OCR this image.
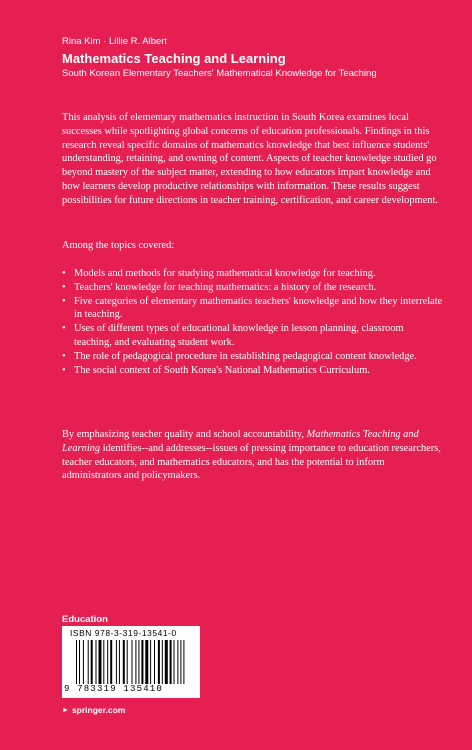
Rina Kim · Lillie R. Albert
Mathematics Teaching and Learning
South Korean Elementary Teachers' Mathematical Knowledge for Teaching
This analysis of elementary mathematics instruction in South Korea examines local successes while spotlighting global concerns of education professionals. Findings in this research reveal specific domains of mathematics knowledge that best influence students' understanding, retaining, and owning of content. Aspects of teacher knowledge studied go beyond mastery of the subject matter, extending to how educators impart knowledge and how learners develop productive relationships with information. These results suggest possibilities for future directions in teacher training, certification, and career development.
Among the topics covered:
• Models and methods for studying mathematical knowledge for teaching.
• Teachers' knowledge for teaching mathematics: a history of the research.
• Five categories of elementary mathematics teachers' knowledge and how they interrelate in teaching.
• Uses of different types of educational knowledge in lesson planning, classroom teaching, and evaluating student work.
• The role of pedagogical procedure in establishing pedagogical content knowledge.
• The social context of South Korea's National Mathematics Curriculum.
By emphasizing teacher quality and school accountability, Mathematics Teaching and Learning identifies--and addresses--issues of pressing importance to education researchers, teacher educators, and mathematics educators, and has the potential to inform administrators and policymakers.
Education
ISBN 978-3-319-13541-0
9 783319 135410
► springer.com
